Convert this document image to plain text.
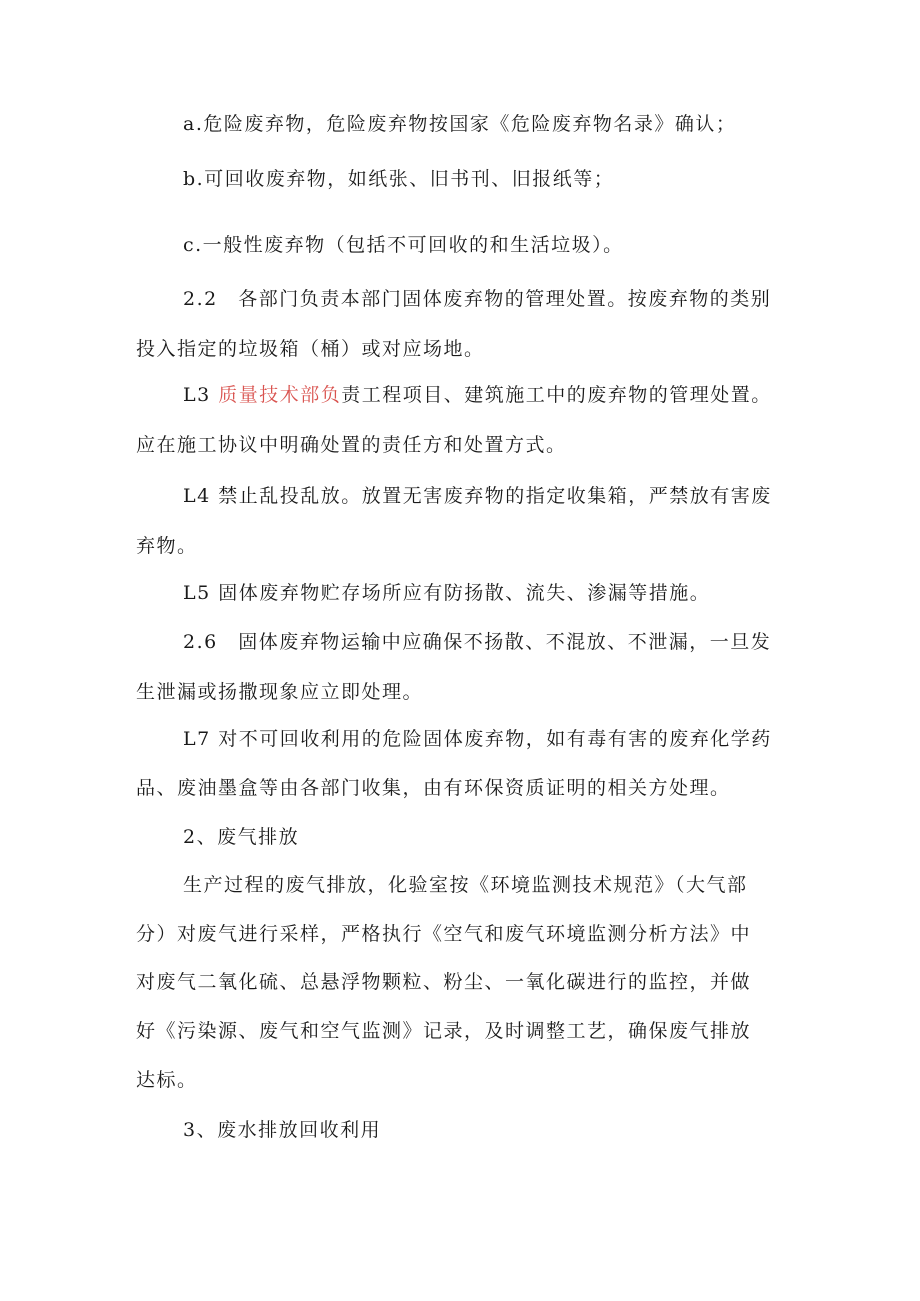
a.危险废弃物，危险废弃物按国家《危险废弃物名录》确认；
b.可回收废弃物，如纸张、旧书刊、旧报纸等；
c.一般性废弃物（包括不可回收的和生活垃圾）。
2.2　各部门负责本部门固体废弃物的管理处置。按废弃物的类别
投入指定的垃圾箱（桶）或对应场地。
L3 质量技术部负责工程项目、建筑施工中的废弃物的管理处置。
应在施工协议中明确处置的责任方和处置方式。
L4 禁止乱投乱放。放置无害废弃物的指定收集箱，严禁放有害废
弃物。
L5 固体废弃物贮存场所应有防扬散、流失、渗漏等措施。
2.6　固体废弃物运输中应确保不扬散、不混放、不泄漏，一旦发
生泄漏或扬撒现象应立即处理。
L7 对不可回收利用的危险固体废弃物，如有毒有害的废弃化学药
品、废油墨盒等由各部门收集，由有环保资质证明的相关方处理。
2、废气排放
生产过程的废气排放，化验室按《环境监测技术规范》（大气部
分）对废气进行采样，严格执行《空气和废气环境监测分析方法》中
对废气二氧化硫、总悬浮物颗粒、粉尘、一氧化碳进行的监控，并做
好《污染源、废气和空气监测》记录，及时调整工艺，确保废气排放
达标。
3、废水排放回收利用
